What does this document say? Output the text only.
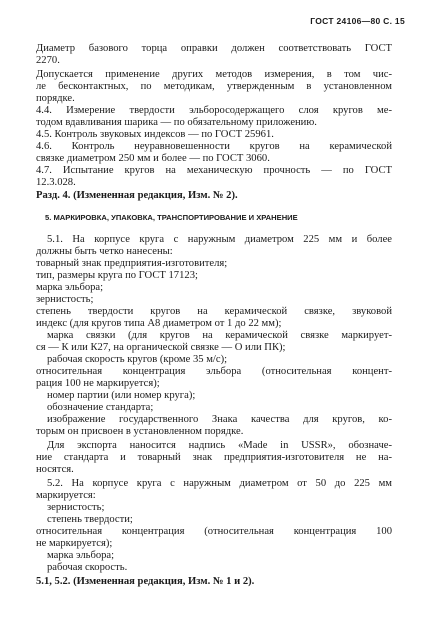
ГОСТ 24106—80 С. 15
Диаметр базового торца оправки должен соответствовать ГОСТ
2270.
Допускается применение других методов измерения, в том чис-
ле бесконтактных, по методикам, утвержденным в установленном
порядке.
4.4. Измерение твердости эльборосодержащего слоя кругов ме-
тодом вдавливания шарика — по обязательному приложению.
4.5. Контроль звуковых индексов — по ГОСТ 25961.
4.6. Контроль неуравновешенности кругов на керамической
связке диаметром 250 мм и более — по ГОСТ 3060.
4.7. Испытание кругов на механическую прочность — по ГОСТ
12.3.028.
Разд. 4. (Измененная редакция, Изм. № 2).
5. МАРКИРОВКА, УПАКОВКА, ТРАНСПОРТИРОВАНИЕ И ХРАНЕНИЕ
5.1. На корпусе круга с наружным диаметром 225 мм и более
должны быть четко нанесены:
товарный знак предприятия-изготовителя;
тип, размеры круга по ГОСТ 17123;
марка эльбора;
зернистость;
степень твердости кругов на керамической связке, звуковой
индекс (для кругов типа А8 диаметром от 1 до 22 мм);
марка связки (для кругов на керамической связке маркирует-
ся — К или К27, на органической связке — О или ПК);
рабочая скорость кругов (кроме 35 м/с);
относительная концентрация эльбора (относительная концент-
рация 100 не маркируется);
номер партии (или номер круга);
обозначение стандарта;
изображение государственного Знака качества для кругов, ко-
торым он присвоен в установленном порядке.
Для экспорта наносится надпись «Made in USSR», обозначе-
ние стандарта и товарный знак предприятия-изготовителя не на-
носятся.
5.2. На корпусе круга с наружным диаметром от 50 до 225 мм
маркируется:
зернистость;
степень твердости;
относительная концентрация (относительная концентрация 100
не маркируется);
марка эльбора;
рабочая скорость.
5.1, 5.2. (Измененная редакция, Изм. № 1 и 2).
